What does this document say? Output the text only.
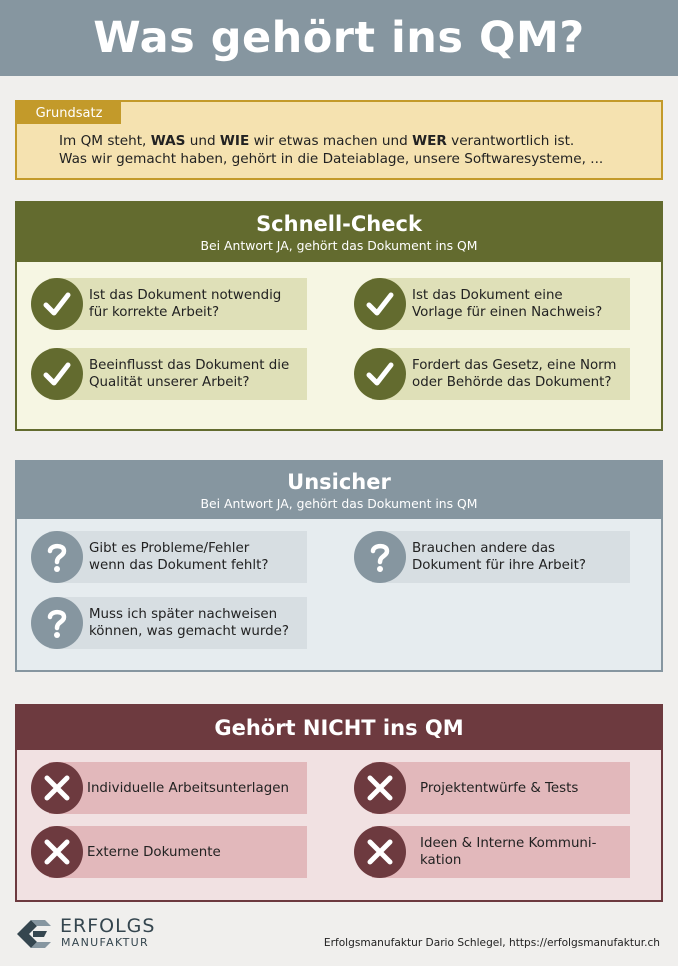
Was gehört ins QM?
Grundsatz
Im QM steht, WAS und WIE wir etwas machen und WER verantwortlich ist.
Was wir gemacht haben, gehört in die Dateiablage, unsere Softwaresysteme, ...
Schnell-Check
Bei Antwort JA, gehört das Dokument ins QM
Ist das Dokument notwendig
für korrekte Arbeit?
Ist das Dokument eine
Vorlage für einen Nachweis?
Beeinflusst das Dokument die
Qualität unserer Arbeit?
Fordert das Gesetz, eine Norm
oder Behörde das Dokument?
Unsicher
Bei Antwort JA, gehört das Dokument ins QM
Gibt es Probleme/Fehler
wenn das Dokument fehlt?
Brauchen andere das
Dokument für ihre Arbeit?
Muss ich später nachweisen
können, was gemacht wurde?
Gehört NICHT ins QM
Individuelle Arbeitsunterlagen	Projektentwürfe & Tests
Externe Dokumente
Ideen & Interne Kommuni-
kation
ERFOLGS
MANUFAKTUR	Erfolgsmanufaktur Dario Schlegel, https://erfolgsmanufaktur.ch
